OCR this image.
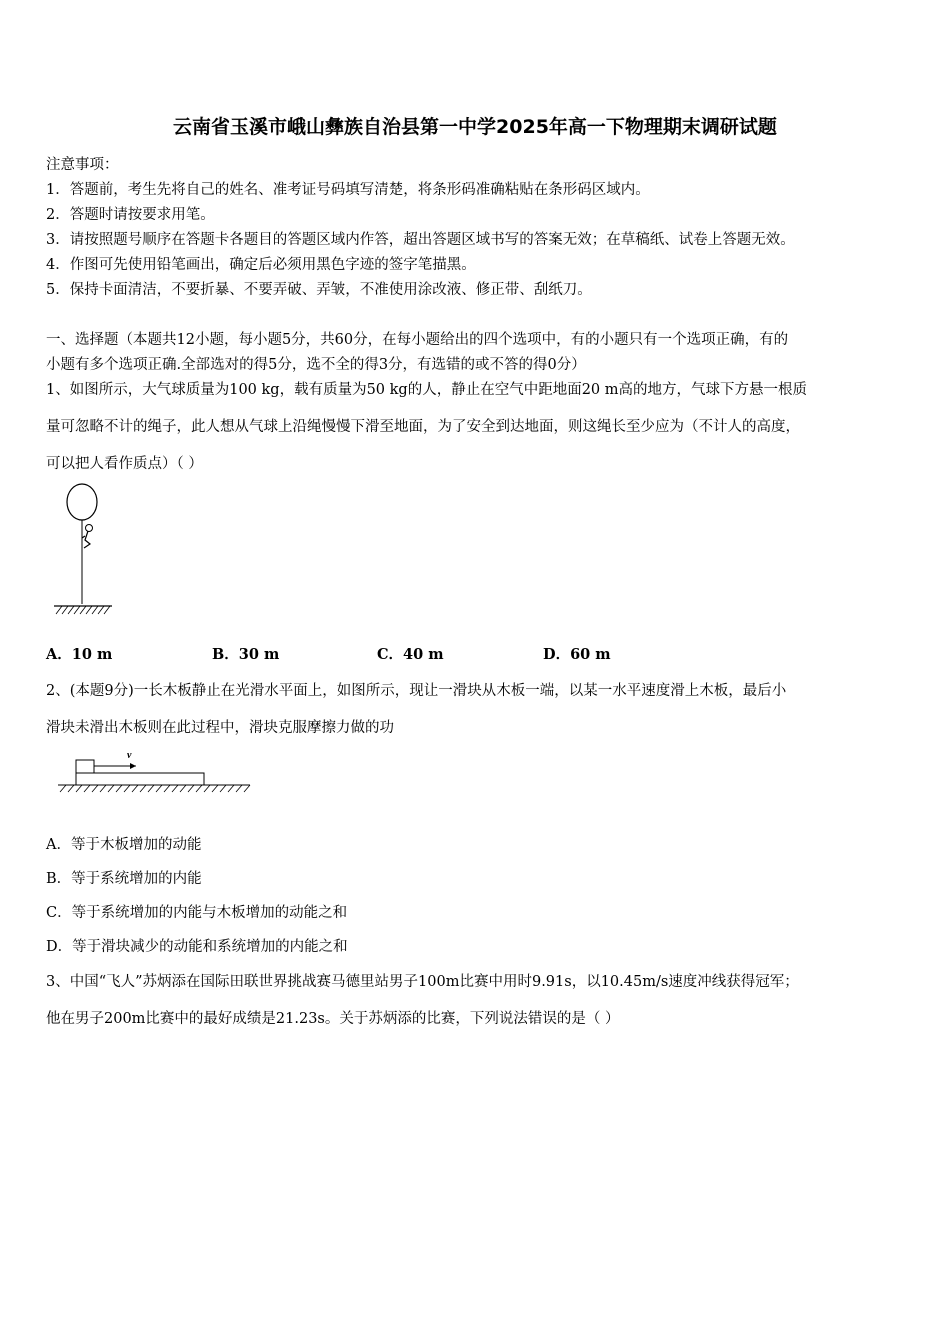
云南省玉溪市峨山彝族自治县第一中学2025年高一下物理期末调研试题
注意事项：
1．答题前，考生先将自己的姓名、准考证号码填写清楚，将条形码准确粘贴在条形码区域内。
2．答题时请按要求用笔。
3．请按照题号顺序在答题卡各题目的答题区域内作答，超出答题区域书写的答案无效；在草稿纸、试卷上答题无效。
4．作图可先使用铅笔画出，确定后必须用黑色字迹的签字笔描黑。
5．保持卡面清洁，不要折暴、不要弄破、弄皱，不准使用涂改液、修正带、刮纸刀。
一、选择题（本题共12小题，每小题5分，共60分，在每小题给出的四个选项中，有的小题只有一个选项正确，有的
小题有多个选项正确.全部选对的得5分，选不全的得3分，有选错的或不答的得0分）
1、如图所示，大气球质量为100 kg，载有质量为50 kg的人，静止在空气中距地面20 m高的地方，气球下方悬一根质
量可忽略不计的绳子，此人想从气球上沿绳慢慢下滑至地面，为了安全到达地面，则这绳长至少应为（不计人的高度，
可以把人看作质点）（ ）
A．10 m	B．30 m	C．40 m	D．60 m
2、(本题9分)一长木板静止在光滑水平面上，如图所示，现让一滑块从木板一端，以某一水平速度滑上木板，最后小
滑块未滑出木板则在此过程中，滑块克服摩擦力做的功
v
A．等于木板增加的动能
B．等于系统增加的内能
C．等于系统增加的内能与木板增加的动能之和
D．等于滑块减少的动能和系统增加的内能之和
3、中国“飞人”苏炳添在国际田联世界挑战赛马德里站男子100m比赛中用时9.91s，以10.45m/s速度冲线获得冠军；
他在男子200m比赛中的最好成绩是21.23s。关于苏炳添的比赛，下列说法错误的是（ ）
